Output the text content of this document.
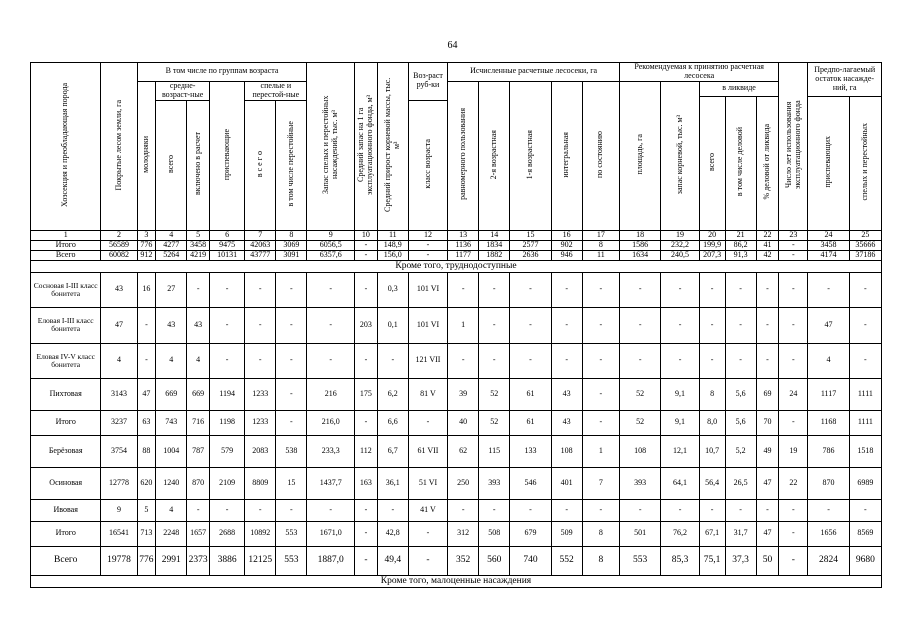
64
Хозсекция и преобладающая порода	Покрытые лесом земли, га	В том числе по группам возраста						Запас спелых и перестойных насаждений, тыс. м³	Средний запас на 1 га эксплуатационного фонда, м³	Средний прирост корневой массы, тыс. м³	Воз-раст руб-ки	Исчисленные расчетные лесосеки, га					Рекомендуемая к принятию расчетная лесосека					Число лет использования эксплуатационного фонда	Предпо-лагаемый остаток насажде-ний, га	
		молодняки	средне-возраст-ные		приспевающие	спелые и перестой-ные						равномерного пользования	2-я возрастная	1-я возрастная	интегральная	по состоянию	площадь, га	запас корневой, тыс. м³	в ликвиде					
																			всего	в том числе деловой	% деловой от ликвида		приспевающих	спелых и перестойных
			всего	включено в расчет		в с е г о	в том числе перестойные				класс возраста													
1	2	3	4	5	6	7	8	9	10	11	12	13	14	15	16	17	18	19	20	21	22	23	24	25
Итого	56589	776	4277	3458	9475	42063	3069	6056,5	-	148,9	-	1136	1834	2577	902	8	1586	232,2	199,9	86,2	41	-	3458	35666
Всего	60082	912	5264	4219	10131	43777	3091	6357,6	-	156,0	-	1177	1882	2636	946	11	1634	240,5	207,3	91,3	42	-	4174	37186
Кроме того, труднодоступные																								
Сосновая I-III класс бонитета	43	16	27	-	-	-	-	-	-	0,3	101 VI	-	-	-	-	-	-	-	-	-	-	-	-	-
Еловая I-III класс бонитета	47	-	43	43	-	-	-	-	203	0,1	101 VI	1	-	-	-	-	-	-	-	-	-	-	47	-
Еловая IV-V класс бонитета	4	-	4	4	-	-	-	-	-	-	121 VII	-	-	-	-	-	-	-	-	-	-	-	4	-
Пихтовая	3143	47	669	669	1194	1233	-	216	175	6,2	81 V	39	52	61	43	-	52	9,1	8	5,6	69	24	1117	1111
Итого	3237	63	743	716	1198	1233	-	216,0	-	6,6	-	40	52	61	43	-	52	9,1	8,0	5,6	70	-	1168	1111
Берёзовая	3754	88	1004	787	579	2083	538	233,3	112	6,7	61 VII	62	115	133	108	1	108	12,1	10,7	5,2	49	19	786	1518
Осиновая	12778	620	1240	870	2109	8809	15	1437,7	163	36,1	51 VI	250	393	546	401	7	393	64,1	56,4	26,5	47	22	870	6989
Ивовая	9	5	4	-	-	-	-	-	-	-	41 V	-	-	-	-	-	-	-	-	-	-	-	-	-
Итого	16541	713	2248	1657	2688	10892	553	1671,0	-	42,8	-	312	508	679	509	8	501	76,2	67,1	31,7	47	-	1656	8569
Всего	19778	776	2991	2373	3886	12125	553	1887,0	-	49,4	-	352	560	740	552	8	553	85,3	75,1	37,3	50	-	2824	9680
Кроме того, малоценные насаждения																								
